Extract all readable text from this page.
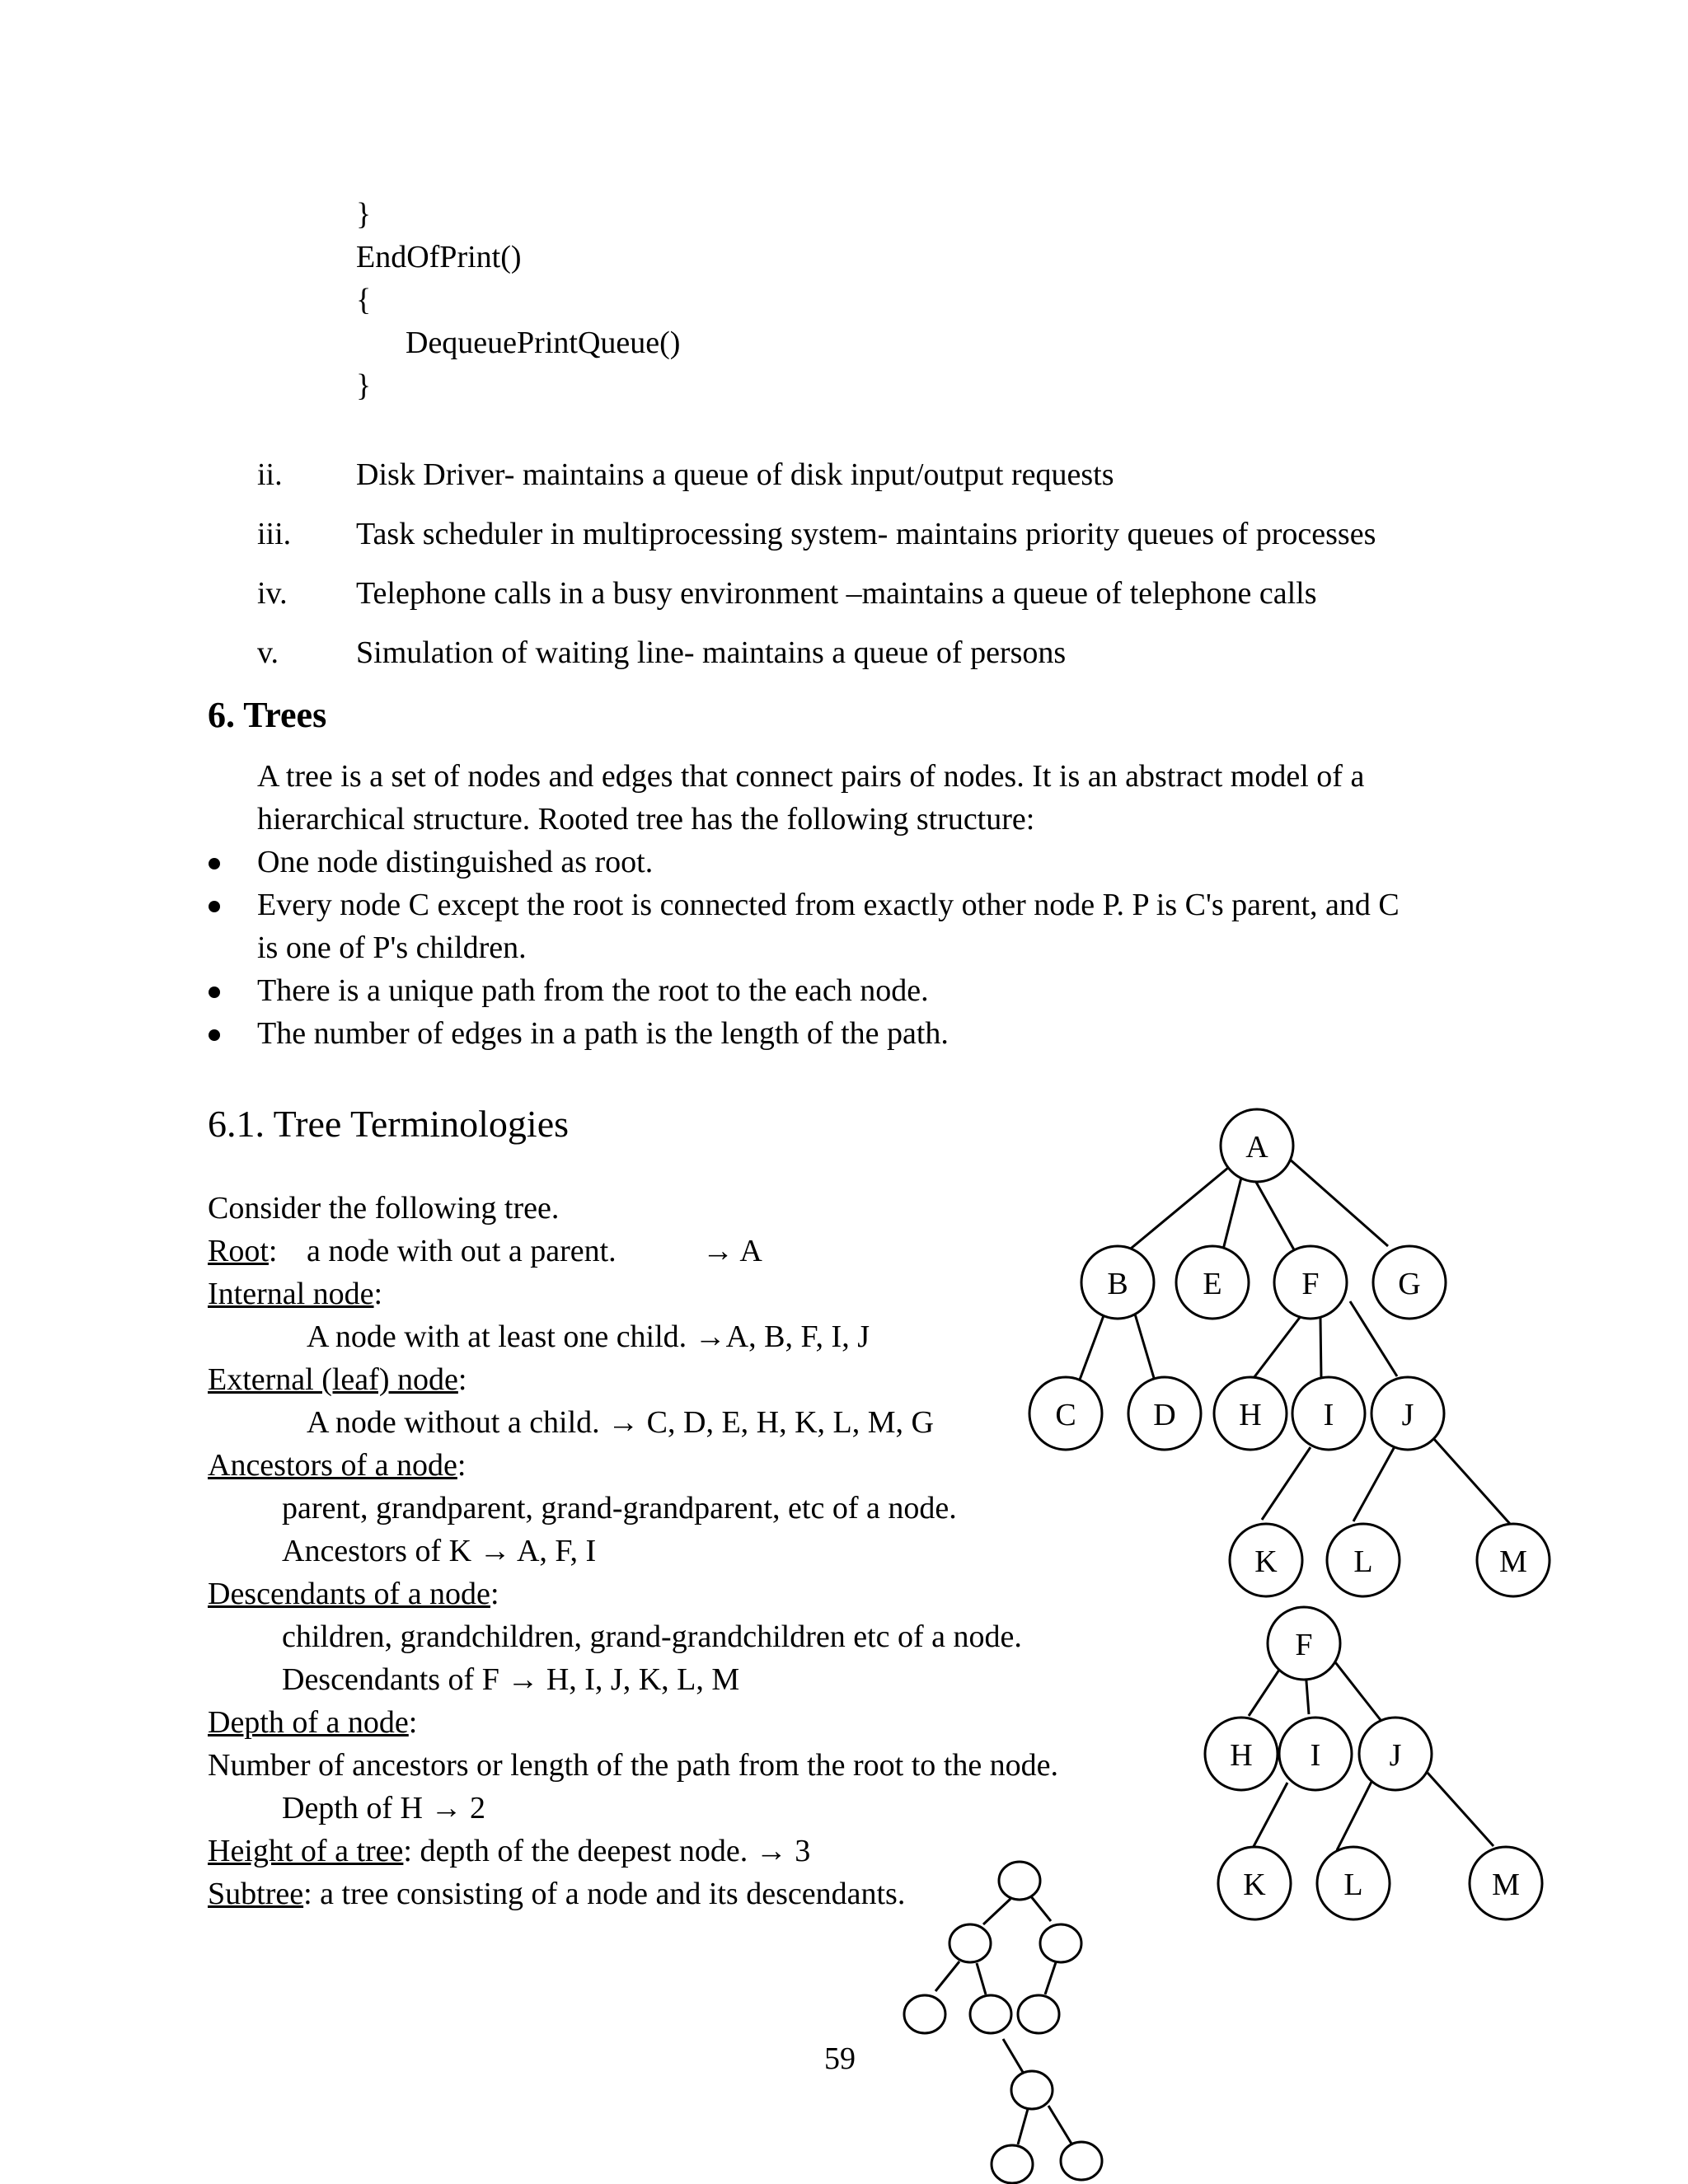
}
EndOfPrint()
{
DequeuePrintQueue()
}
ii. Disk Driver- maintains a queue of disk input/output requests
iii. Task scheduler in multiprocessing system- maintains priority queues of processes
iv. Telephone calls in a busy environment –maintains a queue of telephone calls
v. Simulation of waiting line- maintains a queue of persons
6. Trees
A tree is a set of nodes and edges that connect pairs of nodes. It is an abstract model of a
hierarchical structure. Rooted tree has the following structure:
One node distinguished as root.
Every node C except the root is connected from exactly other node P. P is C's parent, and C
is one of P's children.
There is a unique path from the root to the each node.
The number of edges in a path is the length of the path.
6.1. Tree Terminologies
Consider the following tree.
Root: a node with out a parent.	→ A
Internal node:
A node with at least one child. →A, B, F, I, J
External (leaf) node:
A node without a child. → C, D, E, H, K, L, M, G
Ancestors of a node:
parent, grandparent, grand-grandparent, etc of a node.
Ancestors of K → A, F, I
Descendants of a node:
children, grandchildren, grand-grandchildren etc of a node.
Descendants of F → H, I, J, K, L, M
Depth of a node:
Number of ancestors or length of the path from the root to the node.
Depth of H → 2
Height of a tree: depth of the deepest node. → 3
Subtree: a tree consisting of a node and its descendants.
59
A
B E	F	G
C D H I J
K L	M
F
H I J
K L	M
